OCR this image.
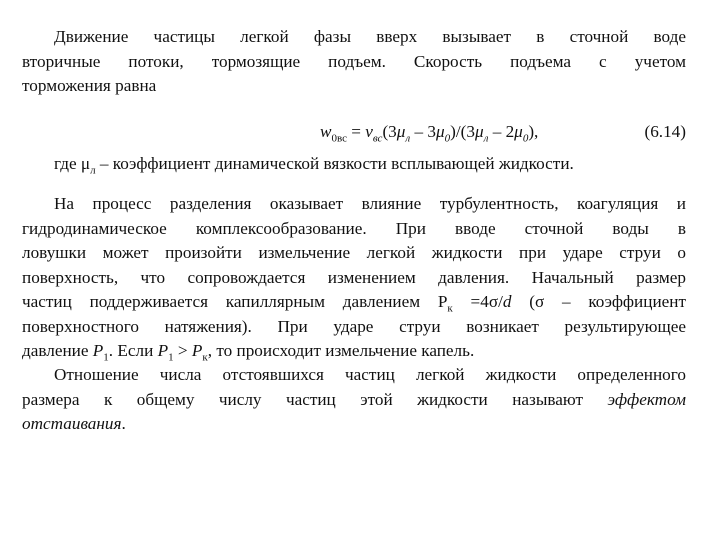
Движение частицы легкой фазы вверх вызывает в сточной воде
вторичные потоки, тормозящие подъем. Скорость подъема с учетом
торможения равна
$w_{0вс} = v_{вс}(3\mu_л - 3\mu_0)/(3\mu_л - 2\mu_0)$,	(6.14)
где $\mu_л$ – коэффициент динамической вязкости всплывающей жидкости.
На процесс разделения оказывает влияние турбулентность, коагуляция и
гидродинамическое комплексообразование. При вводе сточной воды в
ловушки может произойти измельчение легкой жидкости при ударе струи о
поверхность, что сопровождается изменением давления. Начальный размер
частиц поддерживается капиллярным давлением $Р_к =4\sigma/d$ (σ – коэффициент
поверхностного натяжения). При ударе струи возникает результирующее
давление $P_1$. Если $P_1 > P_к$, то происходит измельчение капель.
Отношение числа отстоявшихся частиц легкой жидкости определенного
размера к общему числу частиц этой жидкости называют эффектом
отстаивания.
